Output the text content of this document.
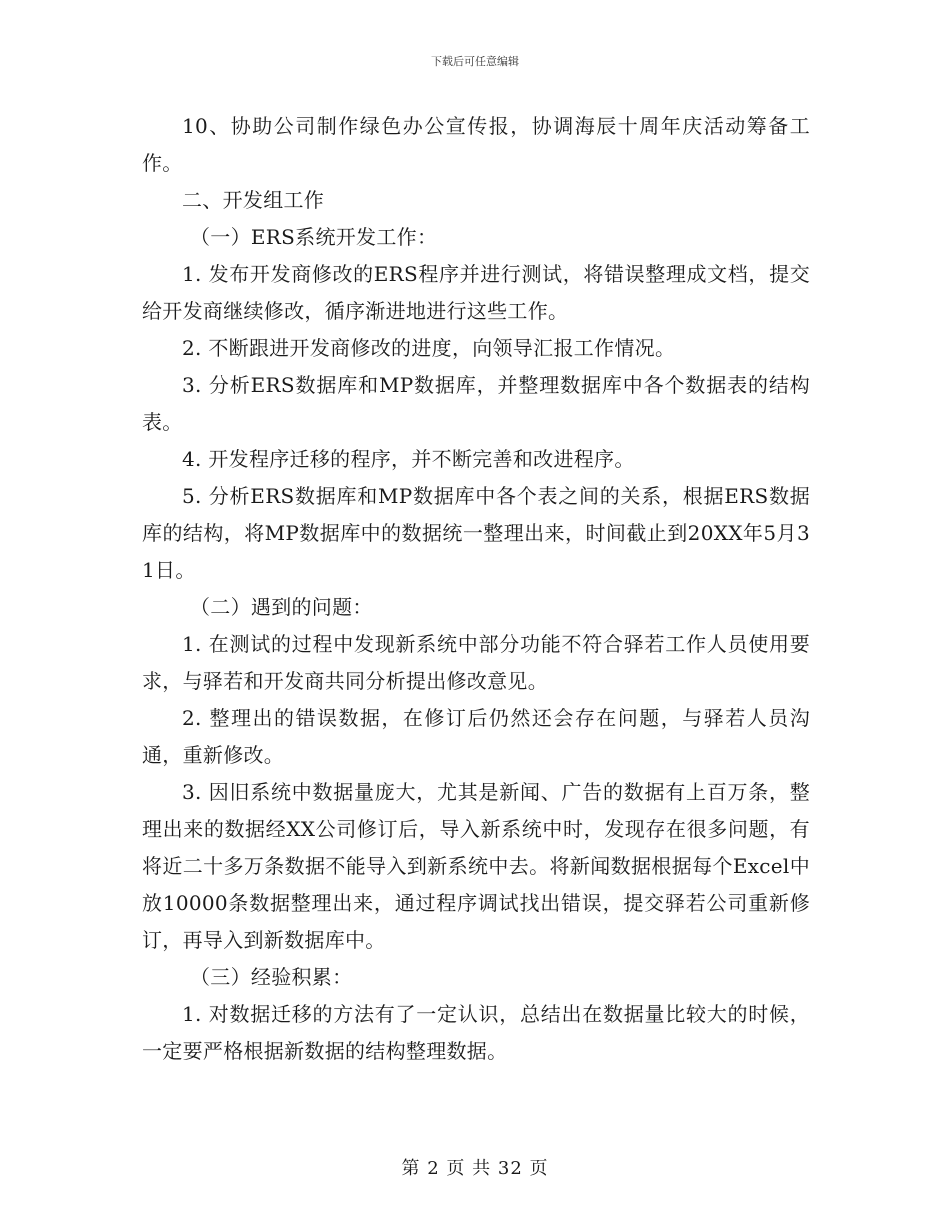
下载后可任意编辑

10、协助公司制作绿色办公宣传报，协调海辰十周年庆活动筹备工作。

二、开发组工作

（一）ERS系统开发工作：

1. 发布开发商修改的ERS程序并进行测试，将错误整理成文档，提交给开发商继续修改，循序渐进地进行这些工作。

2. 不断跟进开发商修改的进度，向领导汇报工作情况。

3. 分析ERS数据库和MP数据库，并整理数据库中各个数据表的结构表。

4. 开发程序迁移的程序，并不断完善和改进程序。

5. 分析ERS数据库和MP数据库中各个表之间的关系，根据ERS数据库的结构，将MP数据库中的数据统一整理出来，时间截止到20XX年5月31日。

（二）遇到的问题：

1. 在测试的过程中发现新系统中部分功能不符合驿若工作人员使用要求，与驿若和开发商共同分析提出修改意见。

2. 整理出的错误数据，在修订后仍然还会存在问题，与驿若人员沟通，重新修改。

3. 因旧系统中数据量庞大，尤其是新闻、广告的数据有上百万条，整理出来的数据经XX公司修订后，导入新系统中时，发现存在很多问题，有将近二十多万条数据不能导入到新系统中去。将新闻数据根据每个Excel中放10000条数据整理出来，通过程序调试找出错误，提交驿若公司重新修订，再导入到新数据库中。

（三）经验积累：

1. 对数据迁移的方法有了一定认识，总结出在数据量比较大的时候，一定要严格根据新数据的结构整理数据。

第 2 页 共 32 页
